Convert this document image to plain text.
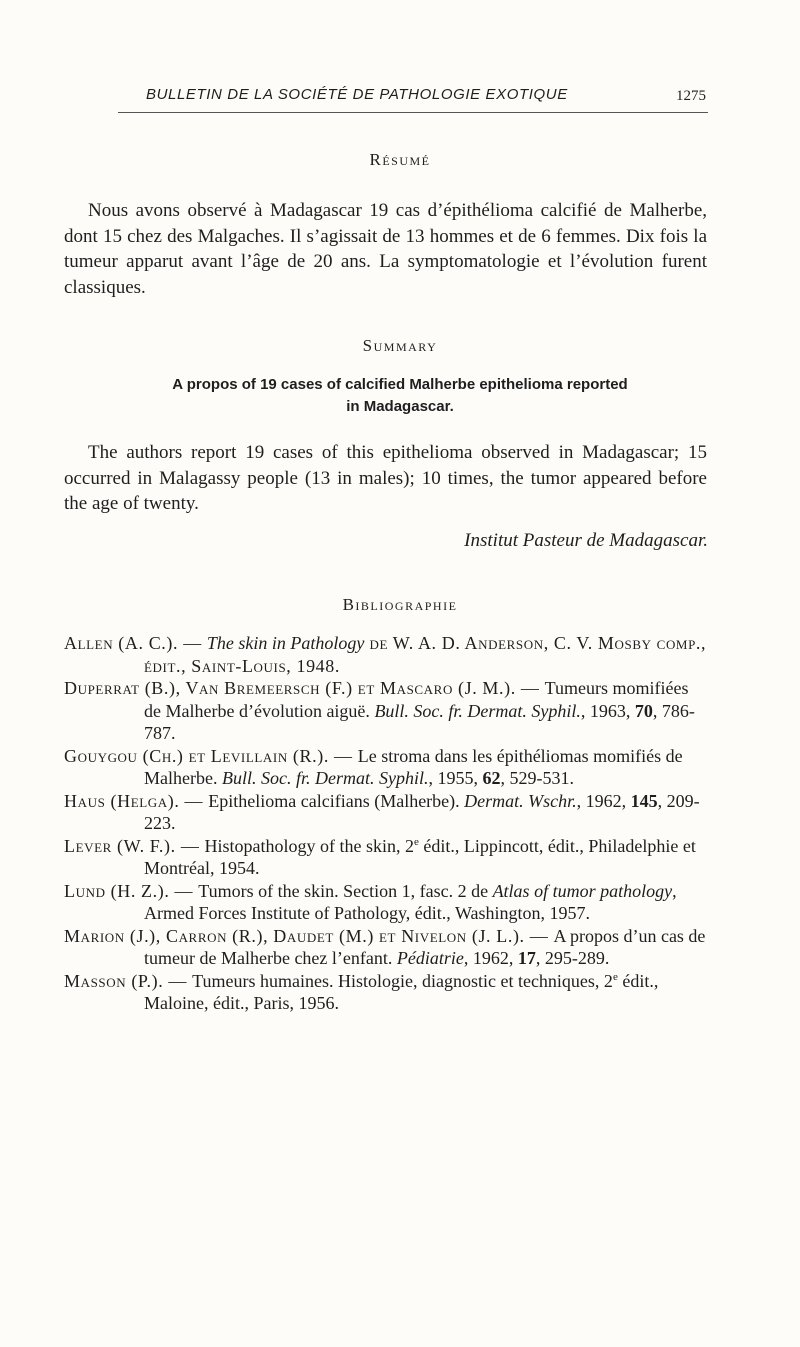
BULLETIN DE LA SOCIÉTÉ DE PATHOLOGIE EXOTIQUE	1275
Résumé
Nous avons observé à Madagascar 19 cas d’épithélioma calcifié de Malherbe, dont 15 chez des Malgaches. Il s’agissait de 13 hommes et de 6 femmes. Dix fois la tumeur apparut avant l’âge de 20 ans. La symptomatologie et l’évolution furent classiques.
Summary
A propos of 19 cases of calcified Malherbe epithelioma reported
in Madagascar.
The authors report 19 cases of this epithelioma observed in Madagascar; 15 occurred in Malagassy people (13 in males); 10 times, the tumor appeared before the age of twenty.
Institut Pasteur de Madagascar.
Bibliographie
Allen (A. C.). — The skin in Pathology de W. A. D. Anderson, C. V. Mosby comp., édit., Saint-Louis, 1948.
Duperrat (B.), Van Bremeersch (F.) et Mascaro (J. M.). — Tumeurs momifiées de Malherbe d’évolution aiguë. Bull. Soc. fr. Dermat. Syphil., 1963, 70, 786-787.
Gouygou (Ch.) et Levillain (R.). — Le stroma dans les épithéliomas momifiés de Malherbe. Bull. Soc. fr. Dermat. Syphil., 1955, 62, 529-531.
Haus (Helga). — Epithelioma calcifians (Malherbe). Dermat. Wschr., 1962, 145, 209-223.
Lever (W. F.). — Histopathology of the skin, 2e édit., Lippincott, édit., Philadelphie et Montréal, 1954.
Lund (H. Z.). — Tumors of the skin. Section 1, fasc. 2 de Atlas of tumor pathology, Armed Forces Institute of Pathology, édit., Washington, 1957.
Marion (J.), Carron (R.), Daudet (M.) et Nivelon (J. L.). — A propos d’un cas de tumeur de Malherbe chez l’enfant. Pédiatrie, 1962, 17, 295-289.
Masson (P.). — Tumeurs humaines. Histologie, diagnostic et techniques, 2e édit., Maloine, édit., Paris, 1956.
